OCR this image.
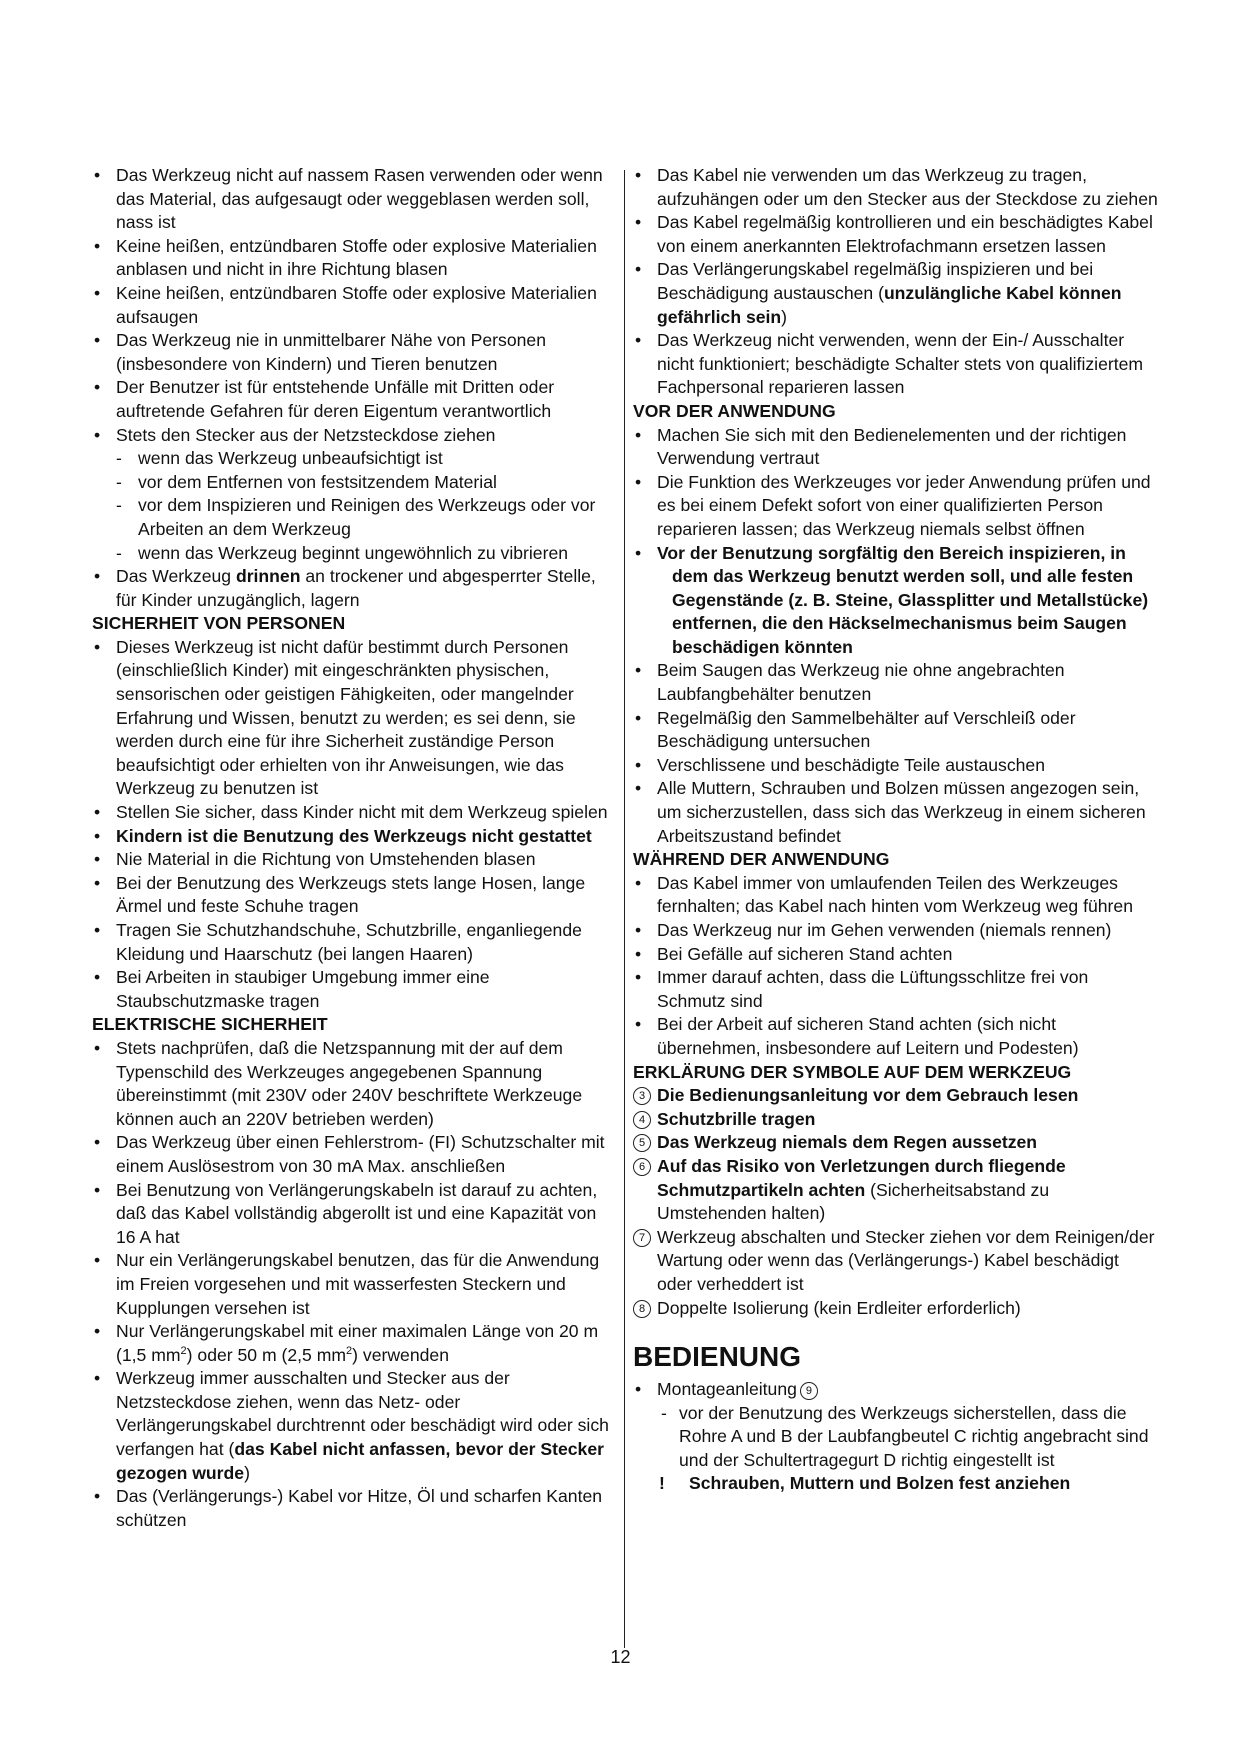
• Das Werkzeug nicht auf nassem Rasen verwenden oder wenn das Material, das aufgesaugt oder weggeblasen werden soll, nass ist

• Keine heißen, entzündbaren Stoffe oder explosive Materialien anblasen und nicht in ihre Richtung blasen

• Keine heißen, entzündbaren Stoffe oder explosive Materialien aufsaugen

• Das Werkzeug nie in unmittelbarer Nähe von Personen (insbesondere von Kindern) und Tieren benutzen

• Der Benutzer ist für entstehende Unfälle mit Dritten oder auftretende Gefahren für deren Eigentum verantwortlich

• Stets den Stecker aus der Netzsteckdose ziehen

- wenn das Werkzeug unbeaufsichtigt ist

- vor dem Entfernen von festsitzendem Material

- vor dem Inspizieren und Reinigen des Werkzeugs oder vor Arbeiten an dem Werkzeug

- wenn das Werkzeug beginnt ungewöhnlich zu vibrieren

• Das Werkzeug drinnen an trockener und abgesperrter Stelle, für Kinder unzugänglich, lagern

SICHERHEIT VON PERSONEN

• Dieses Werkzeug ist nicht dafür bestimmt durch Personen (einschließlich Kinder) mit eingeschränkten physischen, sensorischen oder geistigen Fähigkeiten, oder mangelnder Erfahrung und Wissen, benutzt zu werden; es sei denn, sie werden durch eine für ihre Sicherheit zuständige Person beaufsichtigt oder erhielten von ihr Anweisungen, wie das Werkzeug zu benutzen ist

• Stellen Sie sicher, dass Kinder nicht mit dem Werkzeug spielen

• Kindern ist die Benutzung des Werkzeugs nicht gestattet

• Nie Material in die Richtung von Umstehenden blasen

• Bei der Benutzung des Werkzeugs stets lange Hosen, lange Ärmel und feste Schuhe tragen

• Tragen Sie Schutzhandschuhe, Schutzbrille, enganliegende Kleidung und Haarschutz (bei langen Haaren)

• Bei Arbeiten in staubiger Umgebung immer eine Staubschutzmaske tragen

ELEKTRISCHE SICHERHEIT

• Stets nachprüfen, daß die Netzspannung mit der auf dem Typenschild des Werkzeuges angegebenen Spannung übereinstimmt (mit 230V oder 240V beschriftete Werkzeuge können auch an 220V betrieben werden)

• Das Werkzeug über einen Fehlerstrom- (FI) Schutzschalter mit einem Auslösestrom von 30 mA Max. anschließen

• Bei Benutzung von Verlängerungskabeln ist darauf zu achten, daß das Kabel vollständig abgerollt ist und eine Kapazität von 16 A hat

• Nur ein Verlängerungskabel benutzen, das für die Anwendung im Freien vorgesehen und mit wasserfesten Steckern und Kupplungen versehen ist

• Nur Verlängerungskabel mit einer maximalen Länge von 20 m (1,5 $mm^2$) oder 50 m (2,5 $mm^2$) verwenden

• Werkzeug immer ausschalten und Stecker aus der Netzsteckdose ziehen, wenn das Netz- oder Verlängerungskabel durchtrennt oder beschädigt wird oder sich verfangen hat (das Kabel nicht anfassen, bevor der Stecker gezogen wurde)

• Das (Verlängerungs-) Kabel vor Hitze, Öl und scharfen Kanten schützen

• Das Kabel nie verwenden um das Werkzeug zu tragen, aufzuhängen oder um den Stecker aus der Steckdose zu ziehen

• Das Kabel regelmäßig kontrollieren und ein beschädigtes Kabel von einem anerkannten Elektrofachmann ersetzen lassen

• Das Verlängerungskabel regelmäßig inspizieren und bei Beschädigung austauschen (unzulängliche Kabel können gefährlich sein)

• Das Werkzeug nicht verwenden, wenn der Ein-/ Ausschalter nicht funktioniert; beschädigte Schalter stets von qualifiziertem Fachpersonal reparieren lassen

VOR DER ANWENDUNG

• Machen Sie sich mit den Bedienelementen und der richtigen Verwendung vertraut

• Die Funktion des Werkzeuges vor jeder Anwendung prüfen und es bei einem Defekt sofort von einer qualifizierten Person reparieren lassen; das Werkzeug niemals selbst öffnen

• Vor der Benutzung sorgfältig den Bereich inspizieren, in dem das Werkzeug benutzt werden soll, und alle festen Gegenstände (z. B. Steine, Glassplitter und Metallstücke) entfernen, die den Häckselmechanismus beim Saugen beschädigen könnten

• Beim Saugen das Werkzeug nie ohne angebrachten Laubfangbehälter benutzen

• Regelmäßig den Sammelbehälter auf Verschleiß oder Beschädigung untersuchen

• Verschlissene und beschädigte Teile austauschen

• Alle Muttern, Schrauben und Bolzen müssen angezogen sein, um sicherzustellen, dass sich das Werkzeug in einem sicheren Arbeitszustand befindet

WÄHREND DER ANWENDUNG

• Das Kabel immer von umlaufenden Teilen des Werkzeuges fernhalten; das Kabel nach hinten vom Werkzeug weg führen

• Das Werkzeug nur im Gehen verwenden (niemals rennen)

• Bei Gefälle auf sicheren Stand achten

• Immer darauf achten, dass die Lüftungsschlitze frei von Schmutz sind

• Bei der Arbeit auf sicheren Stand achten (sich nicht übernehmen, insbesondere auf Leitern und Podesten)

ERKLÄRUNG DER SYMBOLE AUF DEM WERKZEUG

3 Die Bedienungsanleitung vor dem Gebrauch lesen

4 Schutzbrille tragen

5 Das Werkzeug niemals dem Regen aussetzen

6 Auf das Risiko von Verletzungen durch fliegende Schmutzpartikeln achten (Sicherheitsabstand zu Umstehenden halten)

7 Werkzeug abschalten und Stecker ziehen vor dem Reinigen/der Wartung oder wenn das (Verlängerungs-) Kabel beschädigt oder verheddert ist

8 Doppelte Isolierung (kein Erdleiter erforderlich)

BEDIENUNG

• Montageanleitung 9

- vor der Benutzung des Werkzeugs sicherstellen, dass die Rohre A und B der Laubfangbeutel C richtig angebracht sind und der Schultertragegurt D richtig eingestellt ist

! Schrauben, Muttern und Bolzen fest anziehen

12
